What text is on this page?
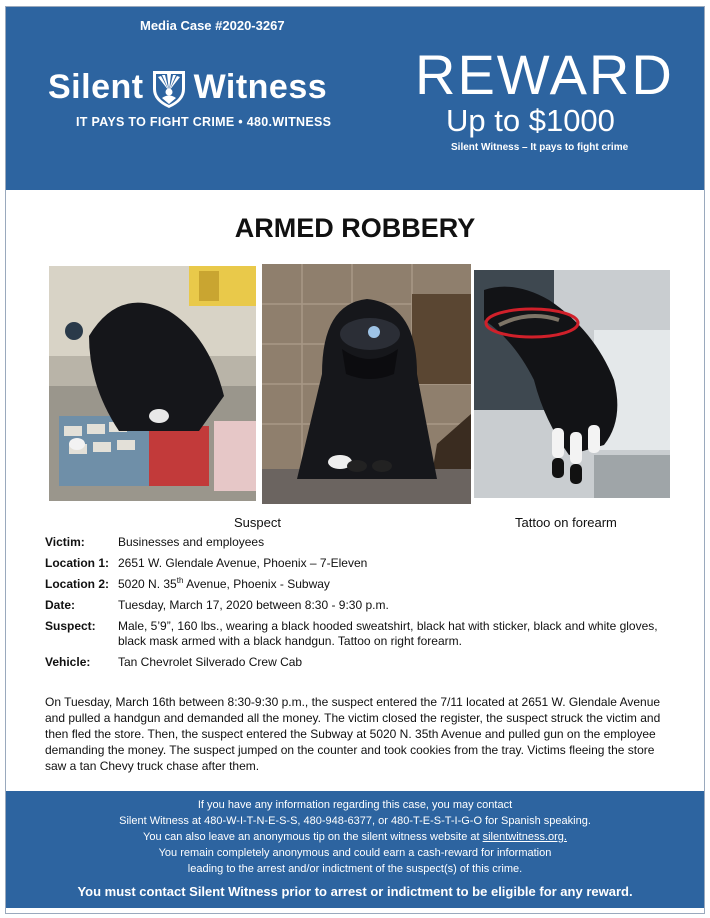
Media Case #2020-3267
Silent Witness
IT PAYS TO FIGHT CRIME • 480.WITNESS
REWARD
Up to $1000
Silent Witness – It pays to fight crime
ARMED ROBBERY
Suspect	Tattoo on forearm
Victim:	Businesses and employees
Location 1: 2651 W. Glendale Avenue, Phoenix – 7-Eleven
Location 2: 5020 N. 35th Avenue, Phoenix - Subway
Date:	Tuesday, March 17, 2020 between 8:30 - 9:30 p.m.
Suspect:	Male, 5’9”, 160 lbs., wearing a black hooded sweatshirt, black hat with sticker, black and white gloves, black mask armed with a black handgun. Tattoo on right forearm.
Vehicle:	Tan Chevrolet Silverado Crew Cab
On Tuesday, March 16th between 8:30-9:30 p.m., the suspect entered the 7/11 located at 2651 W. Glendale Avenue and pulled a handgun and demanded all the money. The victim closed the register, the suspect struck the victim and then fled the store. Then, the suspect entered the Subway at 5020 N. 35th Avenue and pulled gun on the employee demanding the money. The suspect jumped on the counter and took cookies from the tray. Victims fleeing the store saw a tan Chevy truck chase after them.
If you have any information regarding this case, you may contact
Silent Witness at 480-W-I-T-N-E-S-S, 480-948-6377, or 480-T-E-S-T-I-G-O for Spanish speaking.
You can also leave an anonymous tip on the silent witness website at silentwitness.org.
You remain completely anonymous and could earn a cash-reward for information
leading to the arrest and/or indictment of the suspect(s) of this crime.
You must contact Silent Witness prior to arrest or indictment to be eligible for any reward.
